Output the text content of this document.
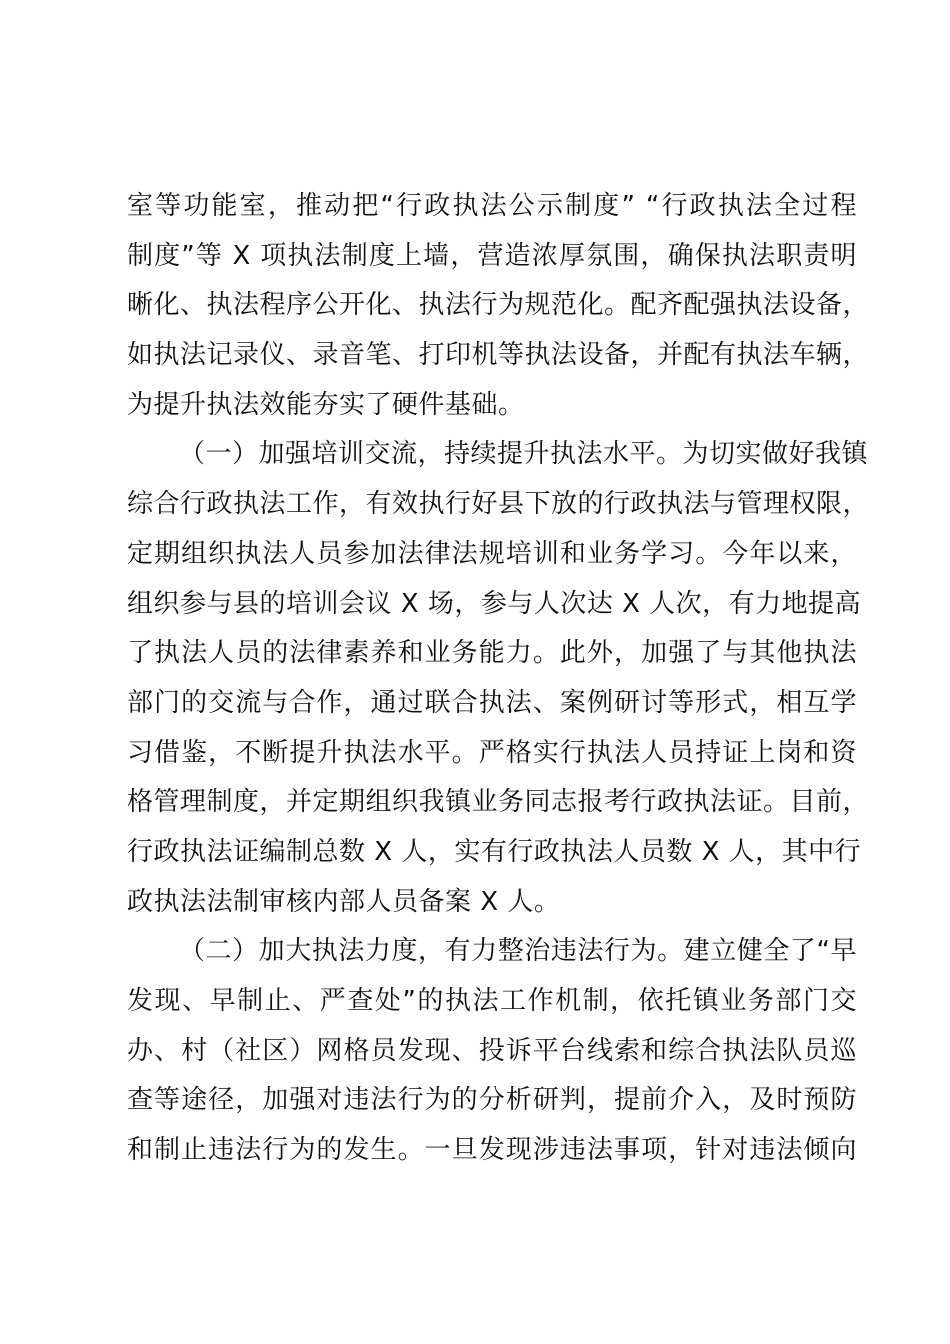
室等功能室，推动把“行政执法公示制度” “行政执法全过程
制度”等 X 项执法制度上墙，营造浓厚氛围，确保执法职责明
晰化、执法程序公开化、执法行为规范化。配齐配强执法设备，
如执法记录仪、录音笔、打印机等执法设备，并配有执法车辆，
为提升执法效能夯实了硬件基础。
（一）加强培训交流，持续提升执法水平。为切实做好我镇
综合行政执法工作，有效执行好县下放的行政执法与管理权限，
定期组织执法人员参加法律法规培训和业务学习。今年以来，
组织参与县的培训会议 X 场，参与人次达 X 人次，有力地提高
了执法人员的法律素养和业务能力。此外，加强了与其他执法
部门的交流与合作，通过联合执法、案例研讨等形式，相互学
习借鉴，不断提升执法水平。严格实行执法人员持证上岗和资
格管理制度，并定期组织我镇业务同志报考行政执法证。目前，
行政执法证编制总数 X 人，实有行政执法人员数 X 人，其中行
政执法法制审核内部人员备案 X 人。
（二）加大执法力度，有力整治违法行为。建立健全了“早
发现、早制止、严查处”的执法工作机制，依托镇业务部门交
办、村（社区）网格员发现、投诉平台线索和综合执法队员巡
查等途径，加强对违法行为的分析研判，提前介入，及时预防
和制止违法行为的发生。一旦发现涉违法事项，针对违法倾向
